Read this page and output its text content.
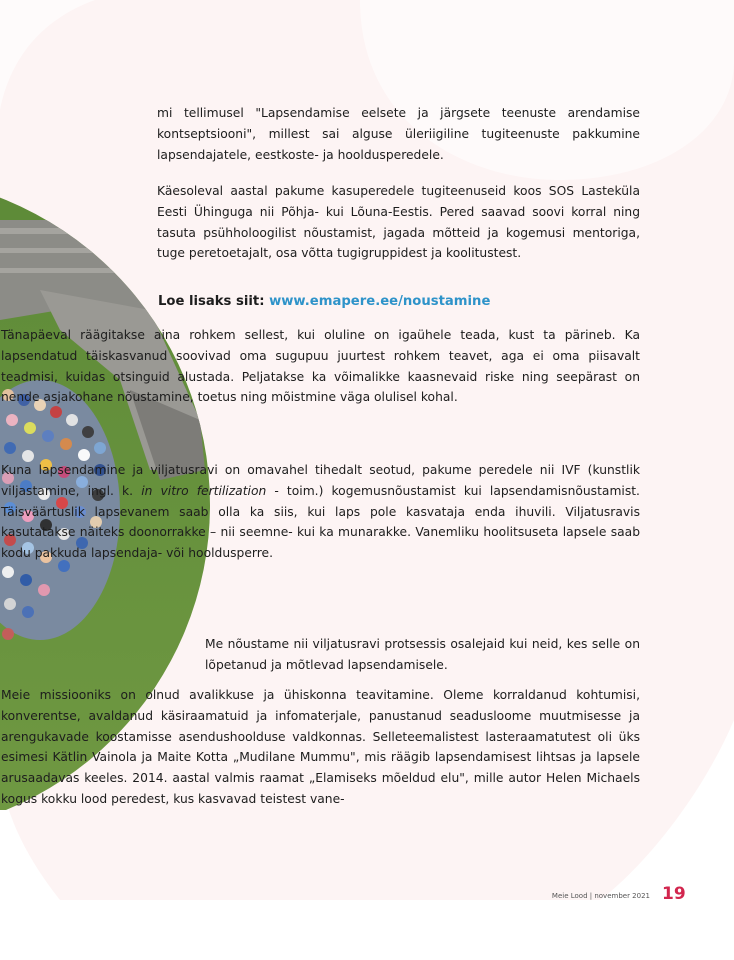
mi tellimusel "Lapsendamise eelsete ja järgsete teenuste arendamise kontseptsiooni", millest sai alguse üleriigiline tugiteenuste pakkumine lapsendajatele, eestkoste- ja hooldusperedele.

Käesoleval aastal pakume kasuperedele tugiteenuseid koos SOS Lasteküla Eesti Ühinguga nii Põhja- kui Lõuna-Eestis. Pered saavad soovi korral ning tasuta psühholoogilist nõustamist, jagada mõtteid ja kogemusi mentoriga, tuge peretoetajalt, osa võtta tugigruppidest ja koolitustest.

Loe lisaks siit: www.emapere.ee/noustamine

Tänapäeval räägitakse aina rohkem sellest, kui oluline on igaühele teada, kust ta pärineb. Ka lapsendatud täiskasvanud soovivad oma sugupuu juurtest rohkem teavet, aga ei oma piisavalt teadmisi, kuidas otsinguid alustada. Peljatakse ka võimalikke kaasnevaid riske ning seepärast on nende asjakohane nõustamine, toetus ning mõistmine väga olulisel kohal.

Kuna lapsendamine ja viljatusravi on omavahel tihedalt seotud, pakume peredele nii IVF (kunstlik viljastamine, ingl. k. in vitro fertilization - toim.) kogemusnõustamist kui lapsendamisnõustamist. Täisväärtuslik lapsevanem saab olla ka siis, kui laps pole kasvataja enda ihuvili. Viljatusravis kasutatakse näiteks doonorrakke – nii seemne- kui ka munarakke. Vanemliku hoolitsuseta lapsele saab kodu pakkuda lapsendaja- või hooldusperre.

Me nõustame nii viljatusravi protsessis osalejaid kui neid, kes selle on lõpetanud ja mõtlevad lapsendamisele.

Meie missiooniks on olnud avalikkuse ja ühiskonna teavitamine. Oleme korraldanud kohtumisi, konverentse, avaldanud käsiraamatuid ja infomaterjale, panustanud seadusloome muutmisesse ja arengukavade koostamisse asendushoolduse valdkonnas. Selleteemalistest lasteraamatutest oli üks esimesi Kätlin Vainola ja Maite Kotta „Mudilane Mummu", mis räägib lapsendamisest lihtsas ja lapsele arusaadavas keeles. 2014. aastal valmis raamat „Elamiseks mõeldud elu", mille autor Helen Michaels kogus kokku lood peredest, kus kasvavad teistest vane-

Meie Lood | november 2021 19
